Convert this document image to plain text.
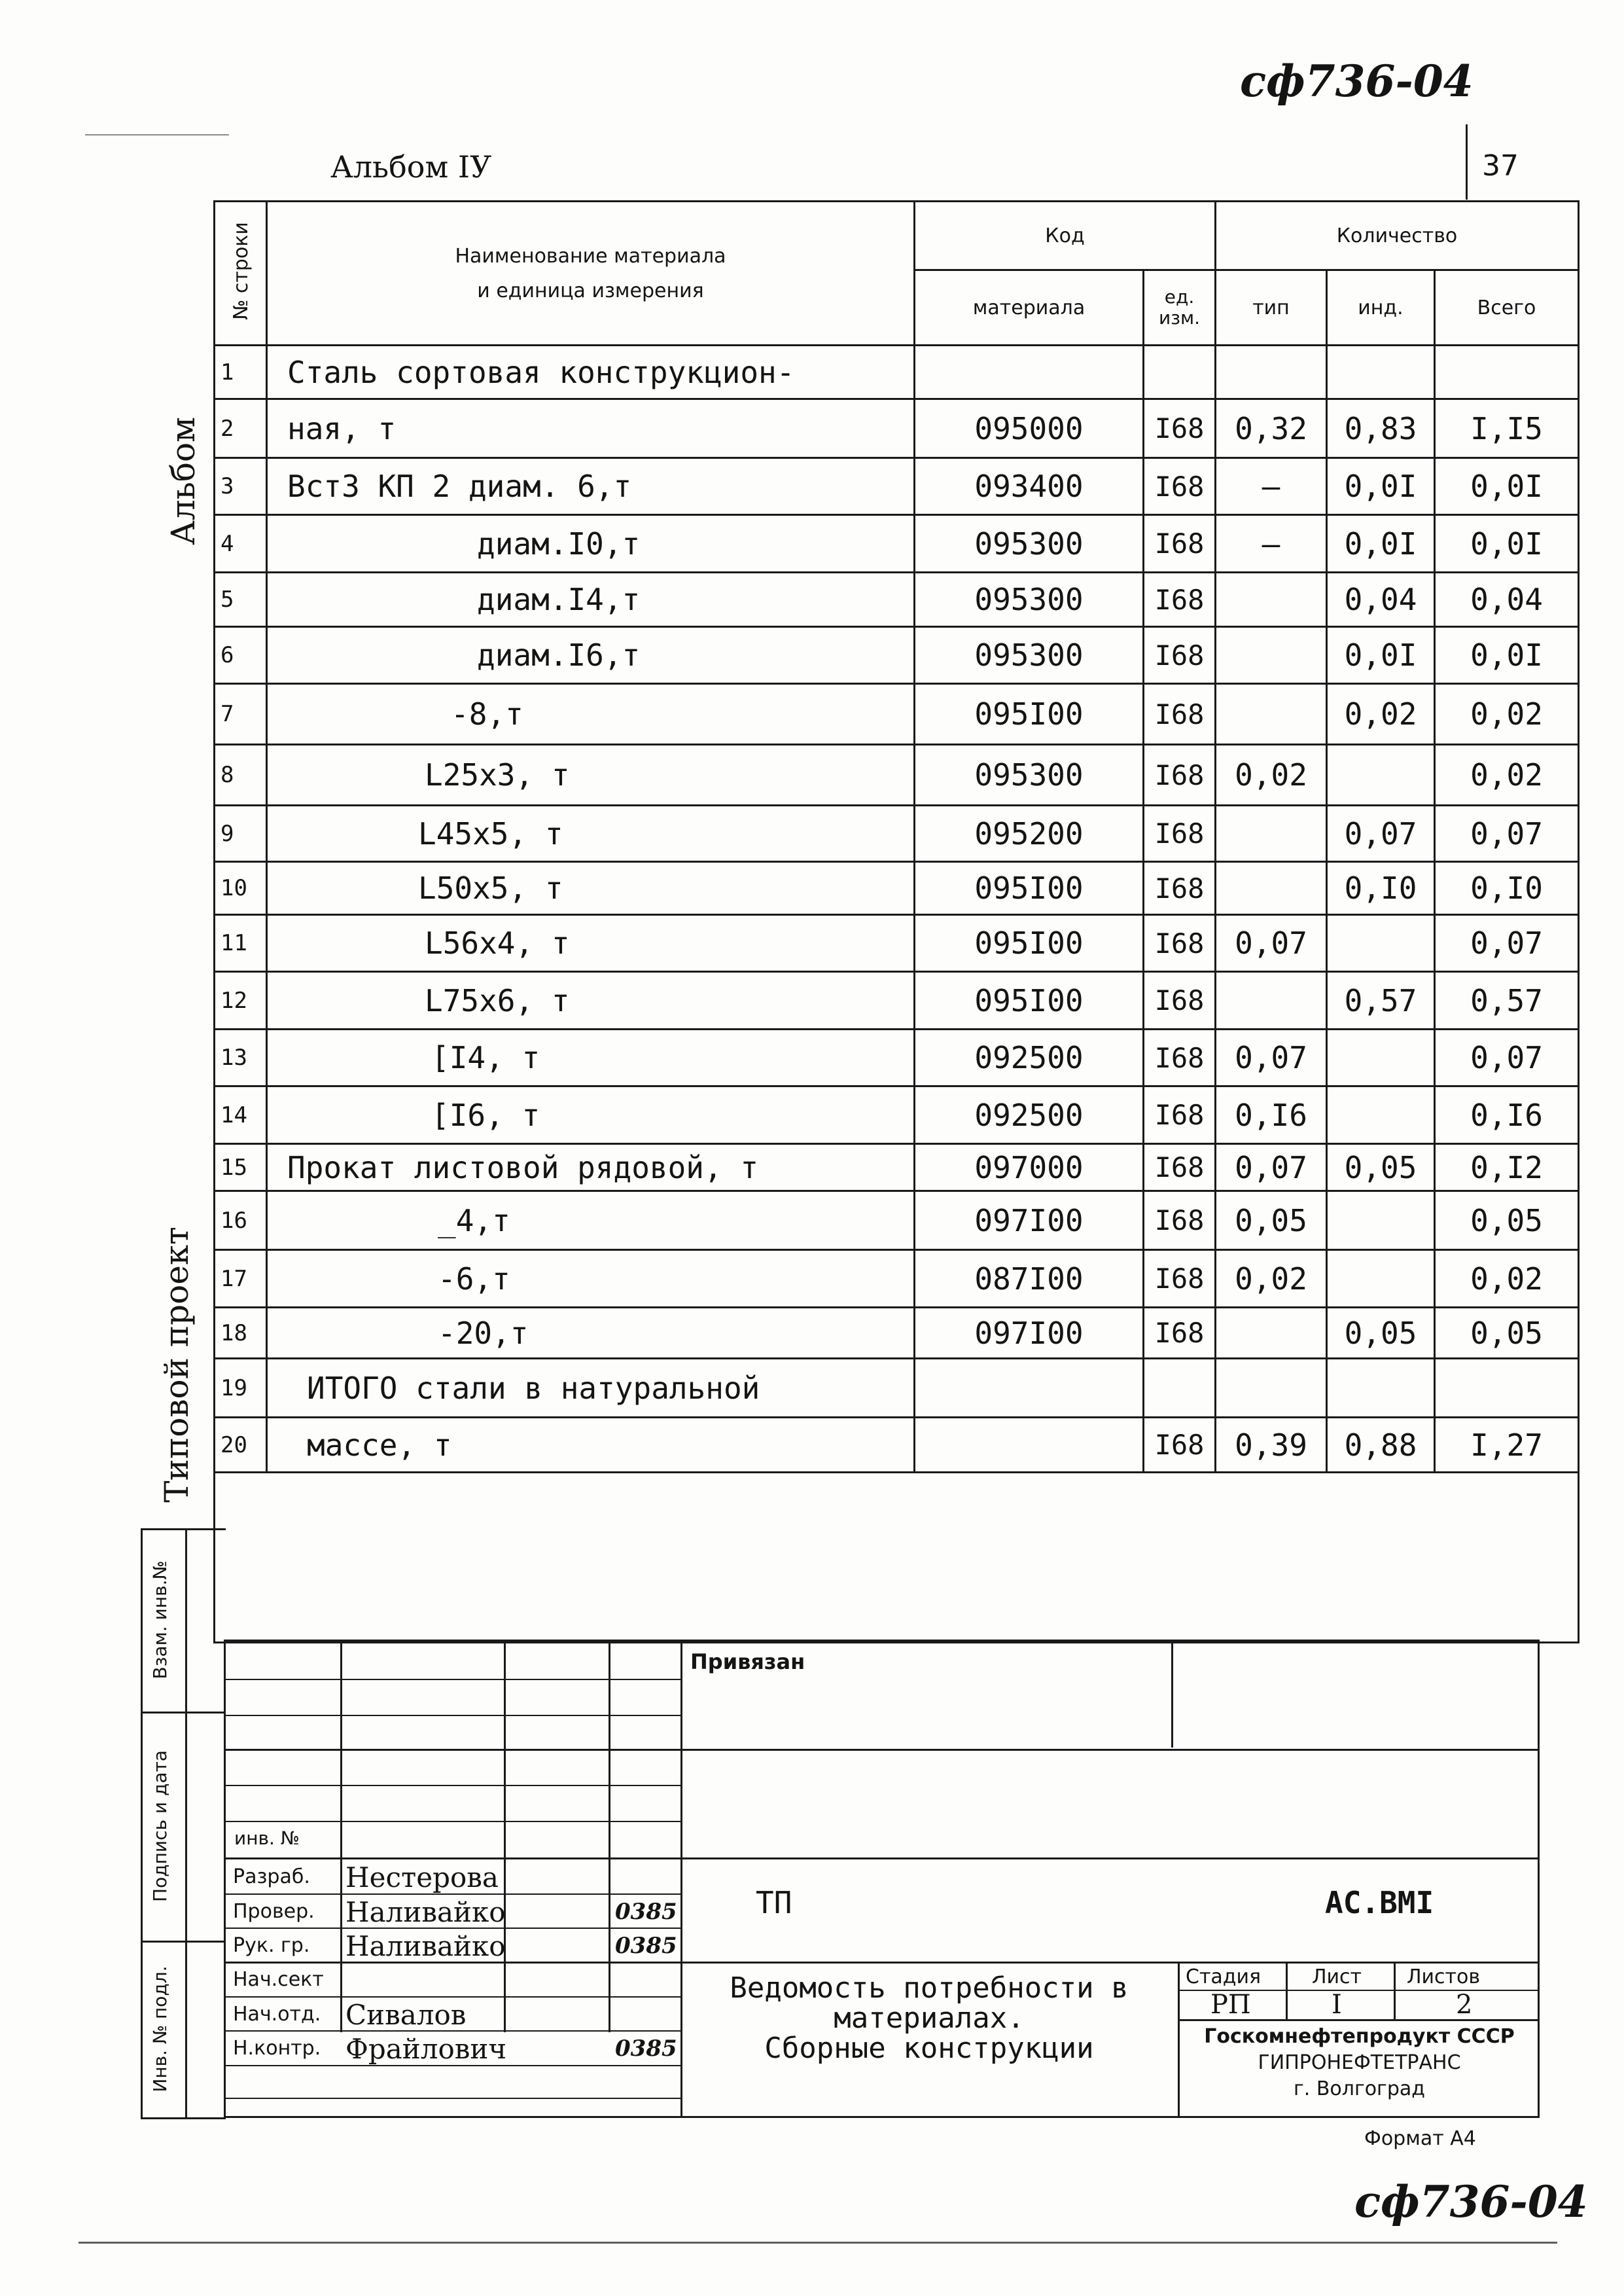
сф736-04
Альбом IУ	37
Альбом
Типовой проект
№ строки	Наименование материала
и единица измерения	Код		Количество		
		материала	ед. изм.	тип	инд.	Всего
1	Сталь сортовая конструкцион-					
2	ная, т	095000	I68	0,32	0,83	I,I5
3	Вст3 КП 2 диам. 6,т	093400	I68	–	0,0I	0,0I
4	диам.I0,т	095300	I68	–	0,0I	0,0I
5	диам.I4,т	095300	I68		0,04	0,04
6	диам.I6,т	095300	I68		0,0I	0,0I
7	-8,т	095I00	I68		0,02	0,02
8	L25x3, т	095300	I68	0,02		0,02
9	L45x5, т	095200	I68		0,07	0,07
10	L50x5, т	095I00	I68		0,I0	0,I0
11	L56x4, т	095I00	I68	0,07		0,07
12	L75x6, т	095I00	I68		0,57	0,57
13	[I4, т	092500	I68	0,07		0,07
14	[I6, т	092500	I68	0,I6		0,I6
15	Прокат листовой рядовой, т	097000	I68	0,07	0,05	0,I2
16	_4,т	097I00	I68	0,05		0,05
17	-6,т	087I00	I68	0,02		0,02
18	-20,т	097I00	I68		0,05	0,05
19	ИТОГО стали в натуральной					
20	массе, т		I68	0,39	0,88	I,27

Взам. инв.№
Подпись и дата
Инв. № подл.
Привязан
инв. №
Разраб. Нестерова
Провер. Наливайко	0385
Рук. гр. Наливайко	0385
Нач.сект
Нач.отд. Сивалов
Н.контр. Фрайлович	0385
ТП	АС.ВМI
Ведомость потребности в
материалах.
Сборные конструкции
Стадия	Лист Листов
РП	I	2
Госкомнефтепродукт СССР
ГИПРОНЕФТЕТРАНС
г. Волгоград
Формат А4
сф736-04
